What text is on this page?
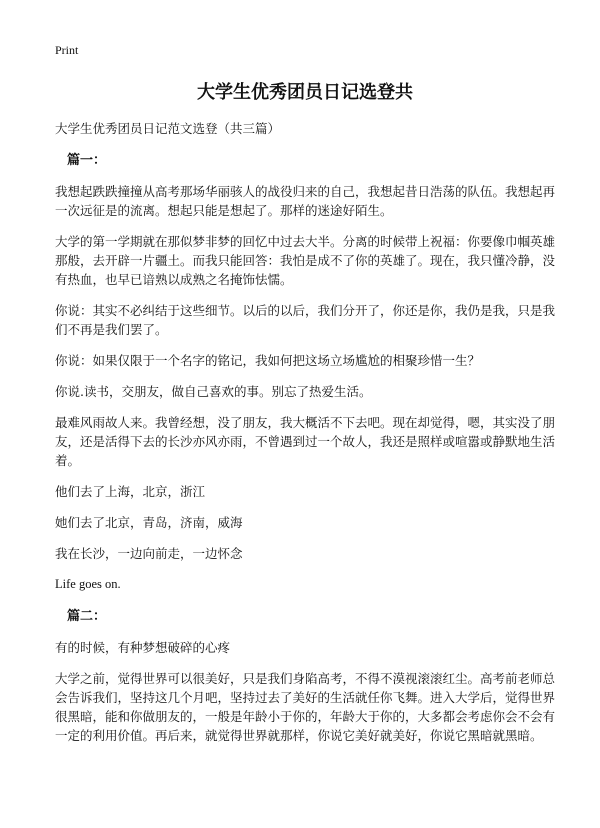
Print

大学生优秀团员日记选登共

大学生优秀团员日记范文选登（共三篇）

篇一：

我想起跌跌撞撞从高考那场华丽骇人的战役归来的自己，我想起昔日浩荡的队伍。我想起再一次远征是的流离。想起只能是想起了。那样的迷途好陌生。

大学的第一学期就在那似梦非梦的回忆中过去大半。分离的时候带上祝福：你要像巾帼英雄那般，去开辟一片疆土。而我只能回答：我怕是成不了你的英雄了。现在，我只懂冷静，没有热血，也早已谙熟以成熟之名掩饰怯懦。

你说：其实不必纠结于这些细节。以后的以后，我们分开了，你还是你，我仍是我，只是我们不再是我们罢了。

你说：如果仅限于一个名字的铭记，我如何把这场立场尴尬的相聚珍惜一生？

你说.读书，交朋友，做自己喜欢的事。别忘了热爱生活。

最难风雨故人来。我曾经想，没了朋友，我大概活不下去吧。现在却觉得，嗯，其实没了朋友，还是活得下去的长沙亦风亦雨，不曾遇到过一个故人，我还是照样或喧嚣或静默地生活着。

他们去了上海，北京，浙江

她们去了北京，青岛，济南，威海

我在长沙，一边向前走，一边怀念

Life goes on.

篇二：

有的时候，有种梦想破碎的心疼

大学之前，觉得世界可以很美好，只是我们身陷高考，不得不漠视滚滚红尘。高考前老师总会告诉我们，坚持这几个月吧，坚持过去了美好的生活就任你飞舞。进入大学后，觉得世界很黑暗，能和你做朋友的，一般是年龄小于你的，年龄大于你的，大多都会考虑你会不会有一定的利用价值。再后来，就觉得世界就那样，你说它美好就美好，你说它黑暗就黑暗。
